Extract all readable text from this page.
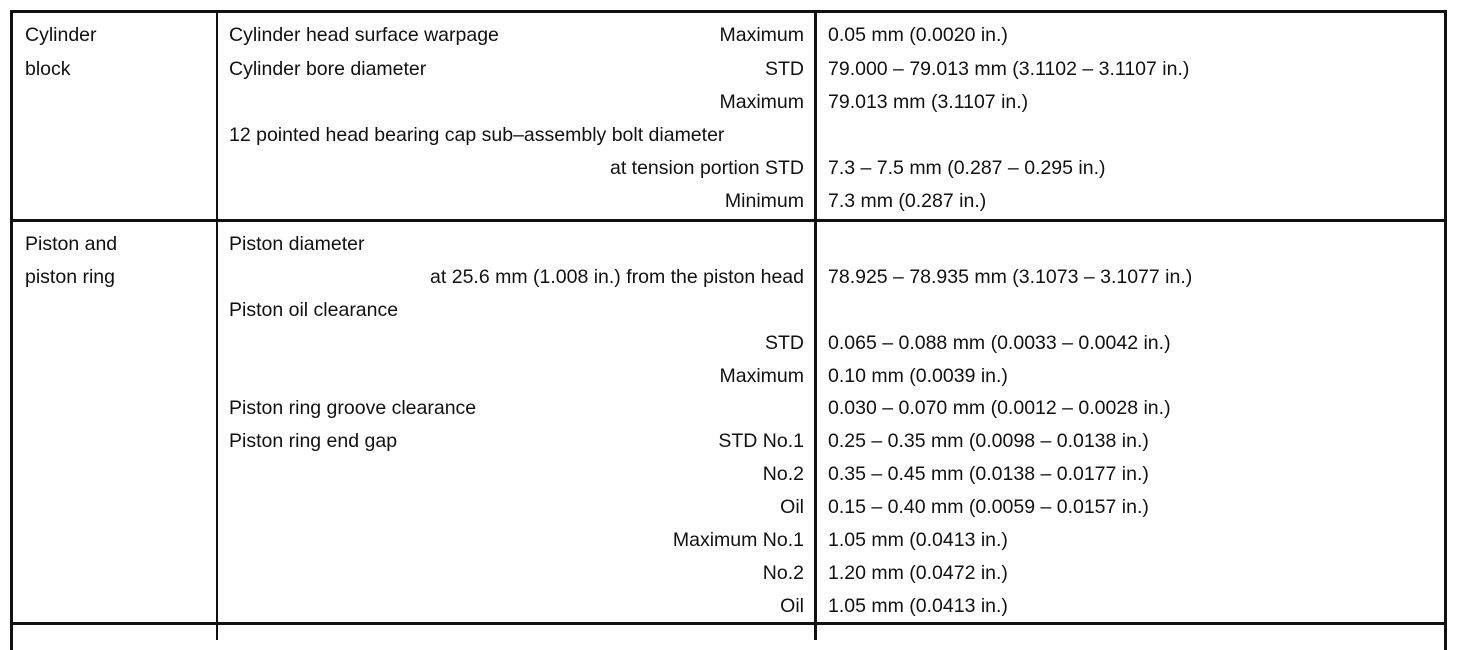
Cylinder
block
Cylinder head surface warpage	Maximum 0.05 mm (0.0020 in.)
Cylinder bore diameter	STD 79.000 – 79.013 mm (3.1102 – 3.1107 in.)
Maximum 79.013 mm (3.1107 in.)
12 pointed head bearing cap sub–assembly bolt diameter
at tension portion STD 7.3 – 7.5 mm (0.287 – 0.295 in.)
Minimum 7.3 mm (0.287 in.)
Piston and
piston ring
Piston diameter
at 25.6 mm (1.008 in.) from the piston head 78.925 – 78.935 mm (3.1073 – 3.1077 in.)
Piston oil clearance
STD 0.065 – 0.088 mm (0.0033 – 0.0042 in.)
Maximum 0.10 mm (0.0039 in.)
Piston ring groove clearance	0.030 – 0.070 mm (0.0012 – 0.0028 in.)
Piston ring end gap	STD No.1 0.25 – 0.35 mm (0.0098 – 0.0138 in.)
No.2 0.35 – 0.45 mm (0.0138 – 0.0177 in.)
Oil 0.15 – 0.40 mm (0.0059 – 0.0157 in.)
Maximum No.1 1.05 mm (0.0413 in.)
No.2 1.20 mm (0.0472 in.)
Oil 1.05 mm (0.0413 in.)
